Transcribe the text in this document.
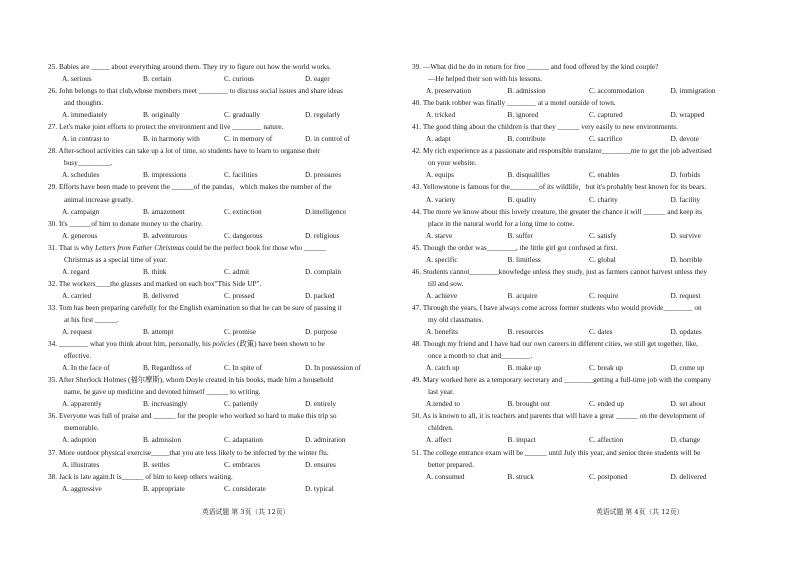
25. Babies are _____ about everything around them. They try to figure out how the world works.
A. serious	B. certain	C. curious	D. eager
26. John belongs to that club,whose members meet ________ to discuss social issues and share ideas
and thoughts.
A. immediately	B. originally	C. gradually	D. regularly
27. Let's make joint efforts to protect the environment and live ________ nature.
A. in contrast to	B. in harmony with	C. in memory of	D. in control of
28. After-school activities can take up a lot of time, so students have to learn to organise their
busy_________.
A. schedules	B. impressions	C. facilities	D. pressures
29. Efforts have been made to prevent the ______of the pandas，which makes the number of the
animal increase greatly.
A. campaign	B. amazement	C. extinction	D.intelligence
30. It's ______of him to donate money to the charity.
A. generous	B. adventurous	C. dangerous	D. religious
31. That is why Letters from Father Christmas could be the perfect book for those who ______
Christmas as a special time of year.
A. regard	B. think	C. admit	D. complain
32. The workers____the glasses and marked on each box"This Side UP".
A. carried	B. delivered	C. pressed	D. packed
33. Tom has been preparing carefully for the English examination so that he can be sure of passing it
at his first ______.
A. request	B. attempt	C. promise	D. purpose
34. ________ what you think about him, personally, his policies (政策) have been shown to be
effective.
A. In the face of	B. Regardless of	C. In spite of	D. In possession of
35. After Sherlock Holmes (福尔摩斯), whom Doyle created in his books, made him a household
name, he gave up medicine and devoted himself ______ to writing.
A. apparently	B. increasingly	C. patiently	D. entirely
36. Everyone was full of praise and ______ for the people who worked so hard to make this trip so
memorable.
A. adoption	B. admission	C. adaptation	D. admiration
37. More outdoor physical exercise_____that you are less likely to be infected by the winter flu.
A. illustrates	B. settles	C. embraces	D. ensures
38. Jack is late again.It is______ of him to keep others waiting.
A. aggressive	B. appropriate	C. considerate	D. typical
39. —What did he do in return for free ______ and food offered by the kind couple?
—He helped their son with his lessons.
A. preservation	B. admission	C. accommodation	D. immigration
40. The bank robber was finally ________ at a motel outside of town.
A. tricked	B. ignored	C. captured	D. wrapped
41. The good thing about the children is that they ______ very easily to new environments.
A. adapt	B. contribute	C. sacrifice	D. devote
42. My rich experience as a passionate and responsible translator________me to get the job advertised
on your website.
A. equips	B. disqualifies	C. enables	D. forbids
43. Yellowstone is famous for the________of its wildlife，but it's probably best known for its bears.
A. variety	B. quality	C. charity	D. facility
44. The more we know about this lovely creature, the greater the chance it will ______ and keep its
place in the natural world for a long time to come.
A. starve	B. suffer	C. satisfy	D. survive
45. Though the order was________, the little girl got confused at first.
A. specific	B. limitless	C. global	D. horrible
46. Students cannot________knowledge unless they study, just as farmers cannot harvest unless they
till and sow.
A. achieve	B. acquire	C. require	D. request
47. Through the years, I have always come across former students who would provide________ on
my old classmates.
A. benefits	B. resources	C. dates	D. updates
48. Though my friend and I have had our own careers in different cities, we still get together, like,
once a month to chat and________.
A. catch up	B. make up	C. break up	D. come up
49. Mary worked here as a temporary secretary and ________getting a full-time job with the company
last year.
A.tended to	B. brought out	C. ended up	D. set about
50. As is known to all, it is teachers and parents that will have a great ______ on the development of
children.
A. affect	B. impact	C. affection	D. change
51. The college entrance exam will be ______ until July this year, and senior three students will be
better prepared.
A. consumed	B. struck	C. postponed	D. delivered
英语试题 第 3页（共 12页）	英语试题 第 4页（共 12页）
